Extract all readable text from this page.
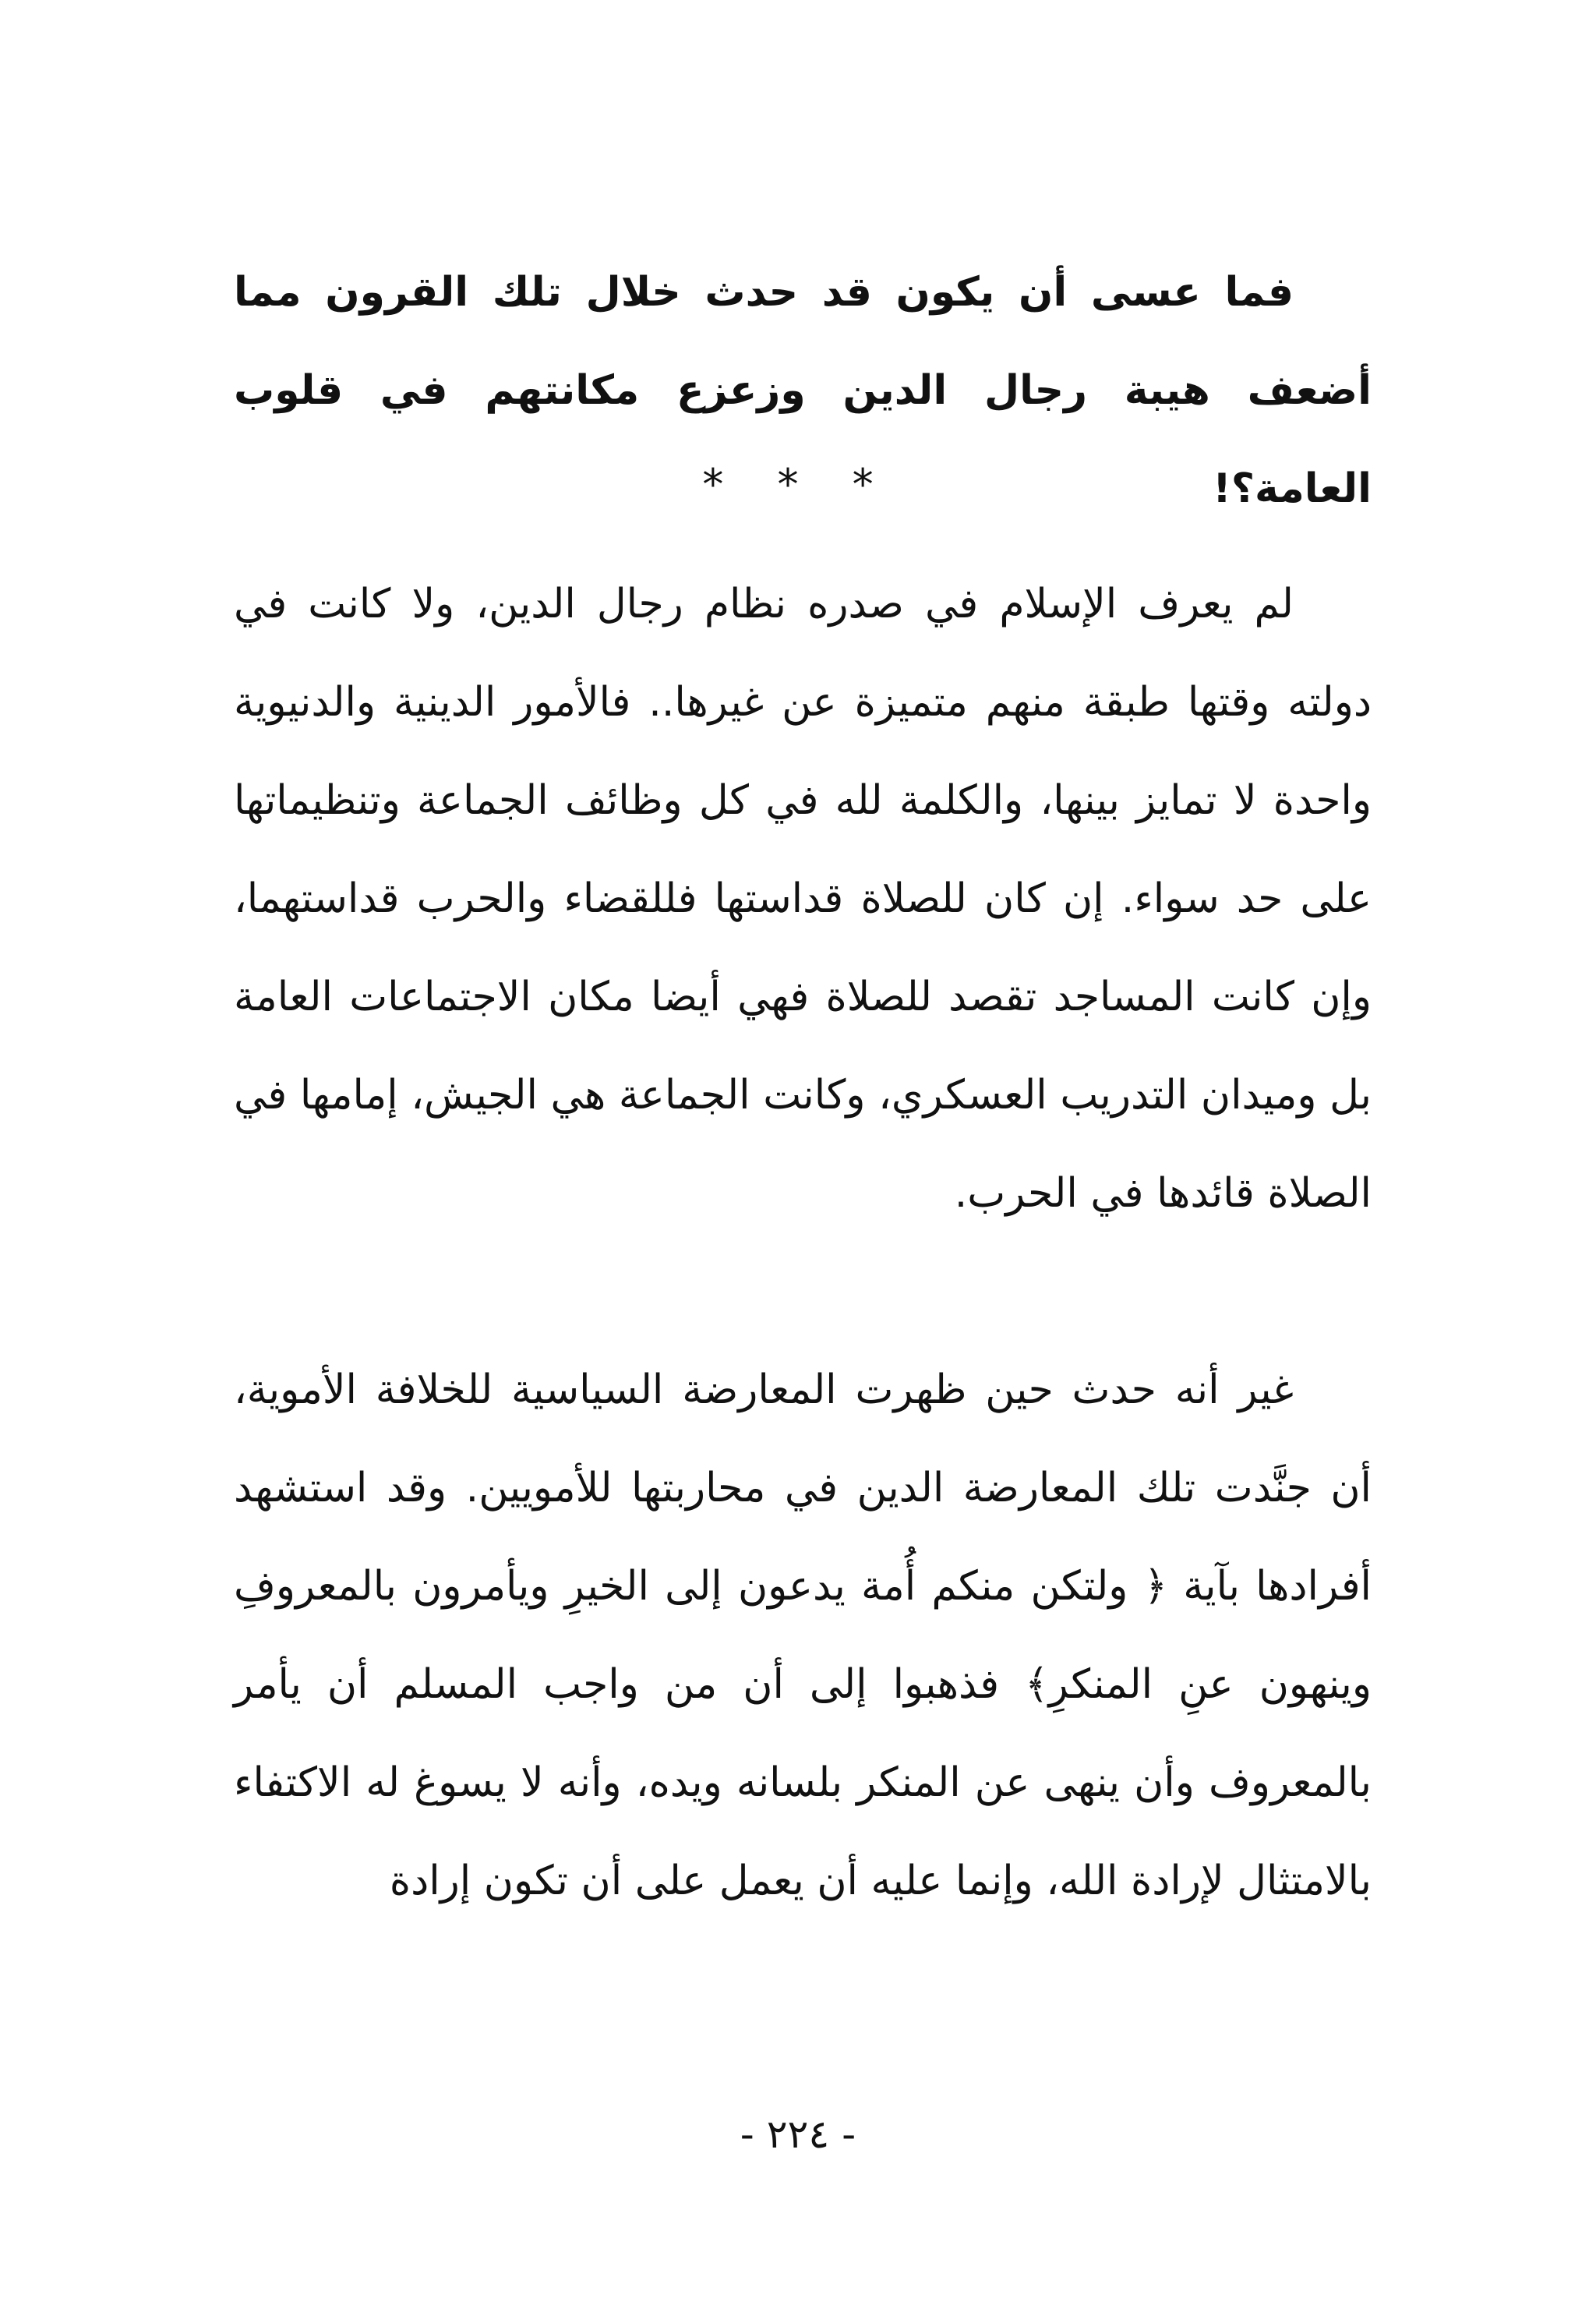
فما عسى أن يكون قد حدث خلال تلك القرون مما أضعف هيبة رجال الدين وزعزع مكانتهم في قلوب العامة؟!

* * *

لم يعرف الإسلام في صدره نظام رجال الدين، ولا كانت في دولته وقتها طبقة منهم متميزة عن غيرها.. فالأمور الدينية والدنيوية واحدة لا تمايز بينها، والكلمة لله في كل وظائف الجماعة وتنظيماتها على حد سواء. إن كان للصلاة قداستها فللقضاء والحرب قداستهما، وإن كانت المساجد تقصد للصلاة فهي أيضا مكان الاجتماعات العامة بل وميدان التدريب العسكري، وكانت الجماعة هي الجيش، إمامها في الصلاة قائدها في الحرب.

غير أنه حدث حين ظهرت المعارضة السياسية للخلافة الأموية، أن جنَّدت تلك المعارضة الدين في محاربتها للأمويين. وقد استشهد أفرادها بآية ﴿ ولتكن منكم أُمة يدعون إلى الخيرِ ويأمرون بالمعروفِ وينهون عنِ المنكرِ﴾ فذهبوا إلى أن من واجب المسلم أن يأمر بالمعروف وأن ينهى عن المنكر بلسانه ويده، وأنه لا يسوغ له الاكتفاء بالامتثال لإرادة الله، وإنما عليه أن يعمل على أن تكون إرادة

- ٢٢٤ -
